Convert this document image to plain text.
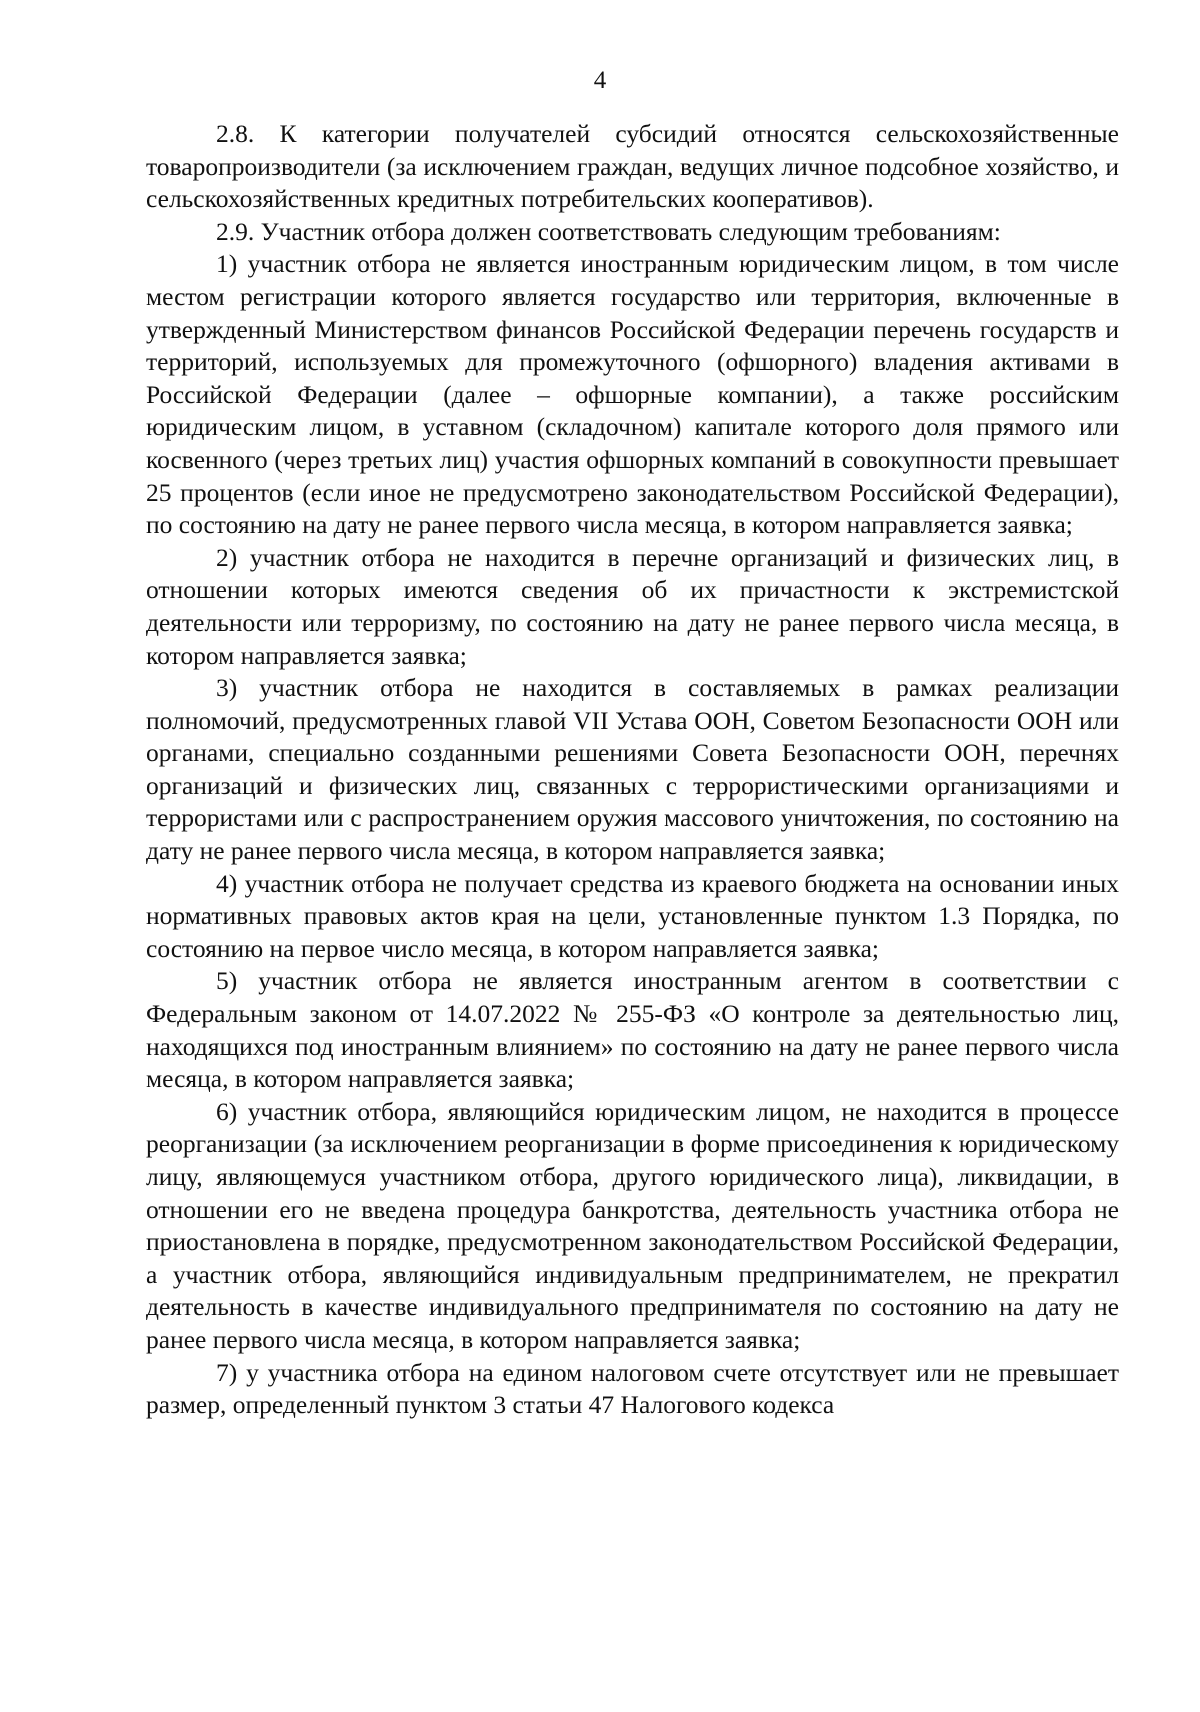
4

2.8. К категории получателей субсидий относятся сельскохозяйственные товаропроизводители (за исключением граждан, ведущих личное подсобное хозяйство, и сельскохозяйственных кредитных потребительских кооперативов).

2.9. Участник отбора должен соответствовать следующим требованиям:

1) участник отбора не является иностранным юридическим лицом, в том числе местом регистрации которого является государство или территория, включенные в утвержденный Министерством финансов Российской Федерации перечень государств и территорий, используемых для промежуточного (офшорного) владения активами в Российской Федерации (далее – офшорные компании), а также российским юридическим лицом, в уставном (складочном) капитале которого доля прямого или косвенного (через третьих лиц) участия офшорных компаний в совокупности превышает 25 процентов (если иное не предусмотрено законодательством Российской Федерации), по состоянию на дату не ранее первого числа месяца, в котором направляется заявка;

2) участник отбора не находится в перечне организаций и физических лиц, в отношении которых имеются сведения об их причастности к экстремистской деятельности или терроризму, по состоянию на дату не ранее первого числа месяца, в котором направляется заявка;

3) участник отбора не находится в составляемых в рамках реализации полномочий, предусмотренных главой VII Устава ООН, Советом Безопасности ООН или органами, специально созданными решениями Совета Безопасности ООН, перечнях организаций и физических лиц, связанных с террористическими организациями и террористами или с распространением оружия массового уничтожения, по состоянию на дату не ранее первого числа месяца, в котором направляется заявка;

4) участник отбора не получает средства из краевого бюджета на основании иных нормативных правовых актов края на цели, установленные пунктом 1.3 Порядка, по состоянию на первое число месяца, в котором направляется заявка;

5) участник отбора не является иностранным агентом в соответствии с Федеральным законом от 14.07.2022 № 255-ФЗ «О контроле за деятельностью лиц, находящихся под иностранным влиянием» по состоянию на дату не ранее первого числа месяца, в котором направляется заявка;

6) участник отбора, являющийся юридическим лицом, не находится в процессе реорганизации (за исключением реорганизации в форме присоединения к юридическому лицу, являющемуся участником отбора, другого юридического лица), ликвидации, в отношении его не введена процедура банкротства, деятельность участника отбора не приостановлена в порядке, предусмотренном законодательством Российской Федерации, а участник отбора, являющийся индивидуальным предпринимателем, не прекратил деятельность в качестве индивидуального предпринимателя по состоянию на дату не ранее первого числа месяца, в котором направляется заявка;

7) у участника отбора на едином налоговом счете отсутствует или не превышает размер, определенный пунктом 3 статьи 47 Налогового кодекса
